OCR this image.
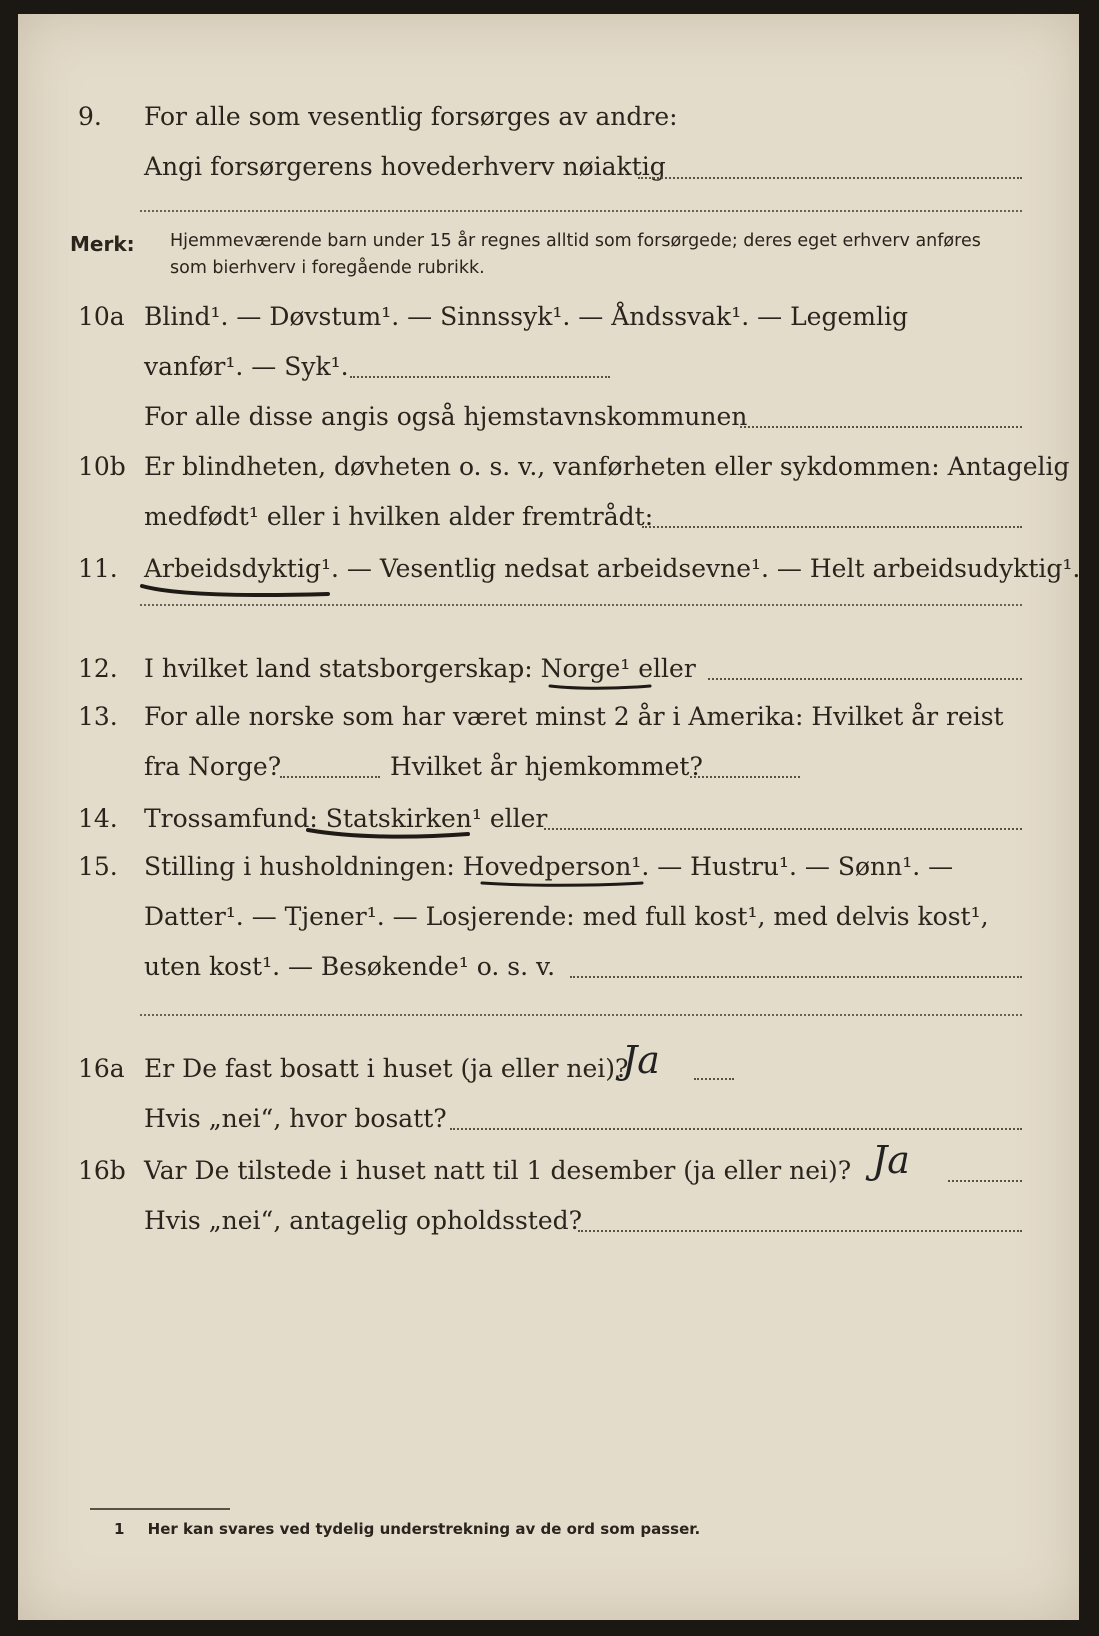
9. For alle som vesentlig forsørges av andre:
Angi forsørgerens hovederhverv nøiaktig
Merk: Hjemmeværende barn under 15 år regnes alltid som forsørgede; deres eget erhverv anføres som bierhverv i foregående rubrikk.
10a Blind¹. — Døvstum¹. — Sinnssyk¹. — Åndssvak¹. — Legemlig
vanfør¹. — Syk¹.
For alle disse angis også hjemstavnskommunen
10b Er blindheten, døvheten o. s. v., vanførheten eller sykdommen: Antagelig
medfødt¹ eller i hvilken alder fremtrådt:
11. Arbeidsdyktig¹. — Vesentlig nedsat arbeidsevne¹. — Helt arbeidsudyktig¹.
12. I hvilket land statsborgerskap: Norge¹ eller
13. For alle norske som har været minst 2 år i Amerika: Hvilket år reist
fra Norge?	Hvilket år hjemkommet?
14. Trossamfund: Statskirken¹ eller
15. Stilling i husholdningen: Hovedperson¹. — Hustru¹. — Sønn¹. —
Datter¹. — Tjener¹. — Losjerende: med full kost¹, med delvis kost¹,
uten kost¹. — Besøkende¹ o. s. v.
16a Er De fast bosatt i huset (ja eller nei)?
Ja
Hvis „nei“, hvor bosatt?
16b Var De tilstede i huset natt til 1 desember (ja eller nei)? Ja
Hvis „nei“, antagelig opholdssted?
1 Her kan svares ved tydelig understrekning av de ord som passer.
